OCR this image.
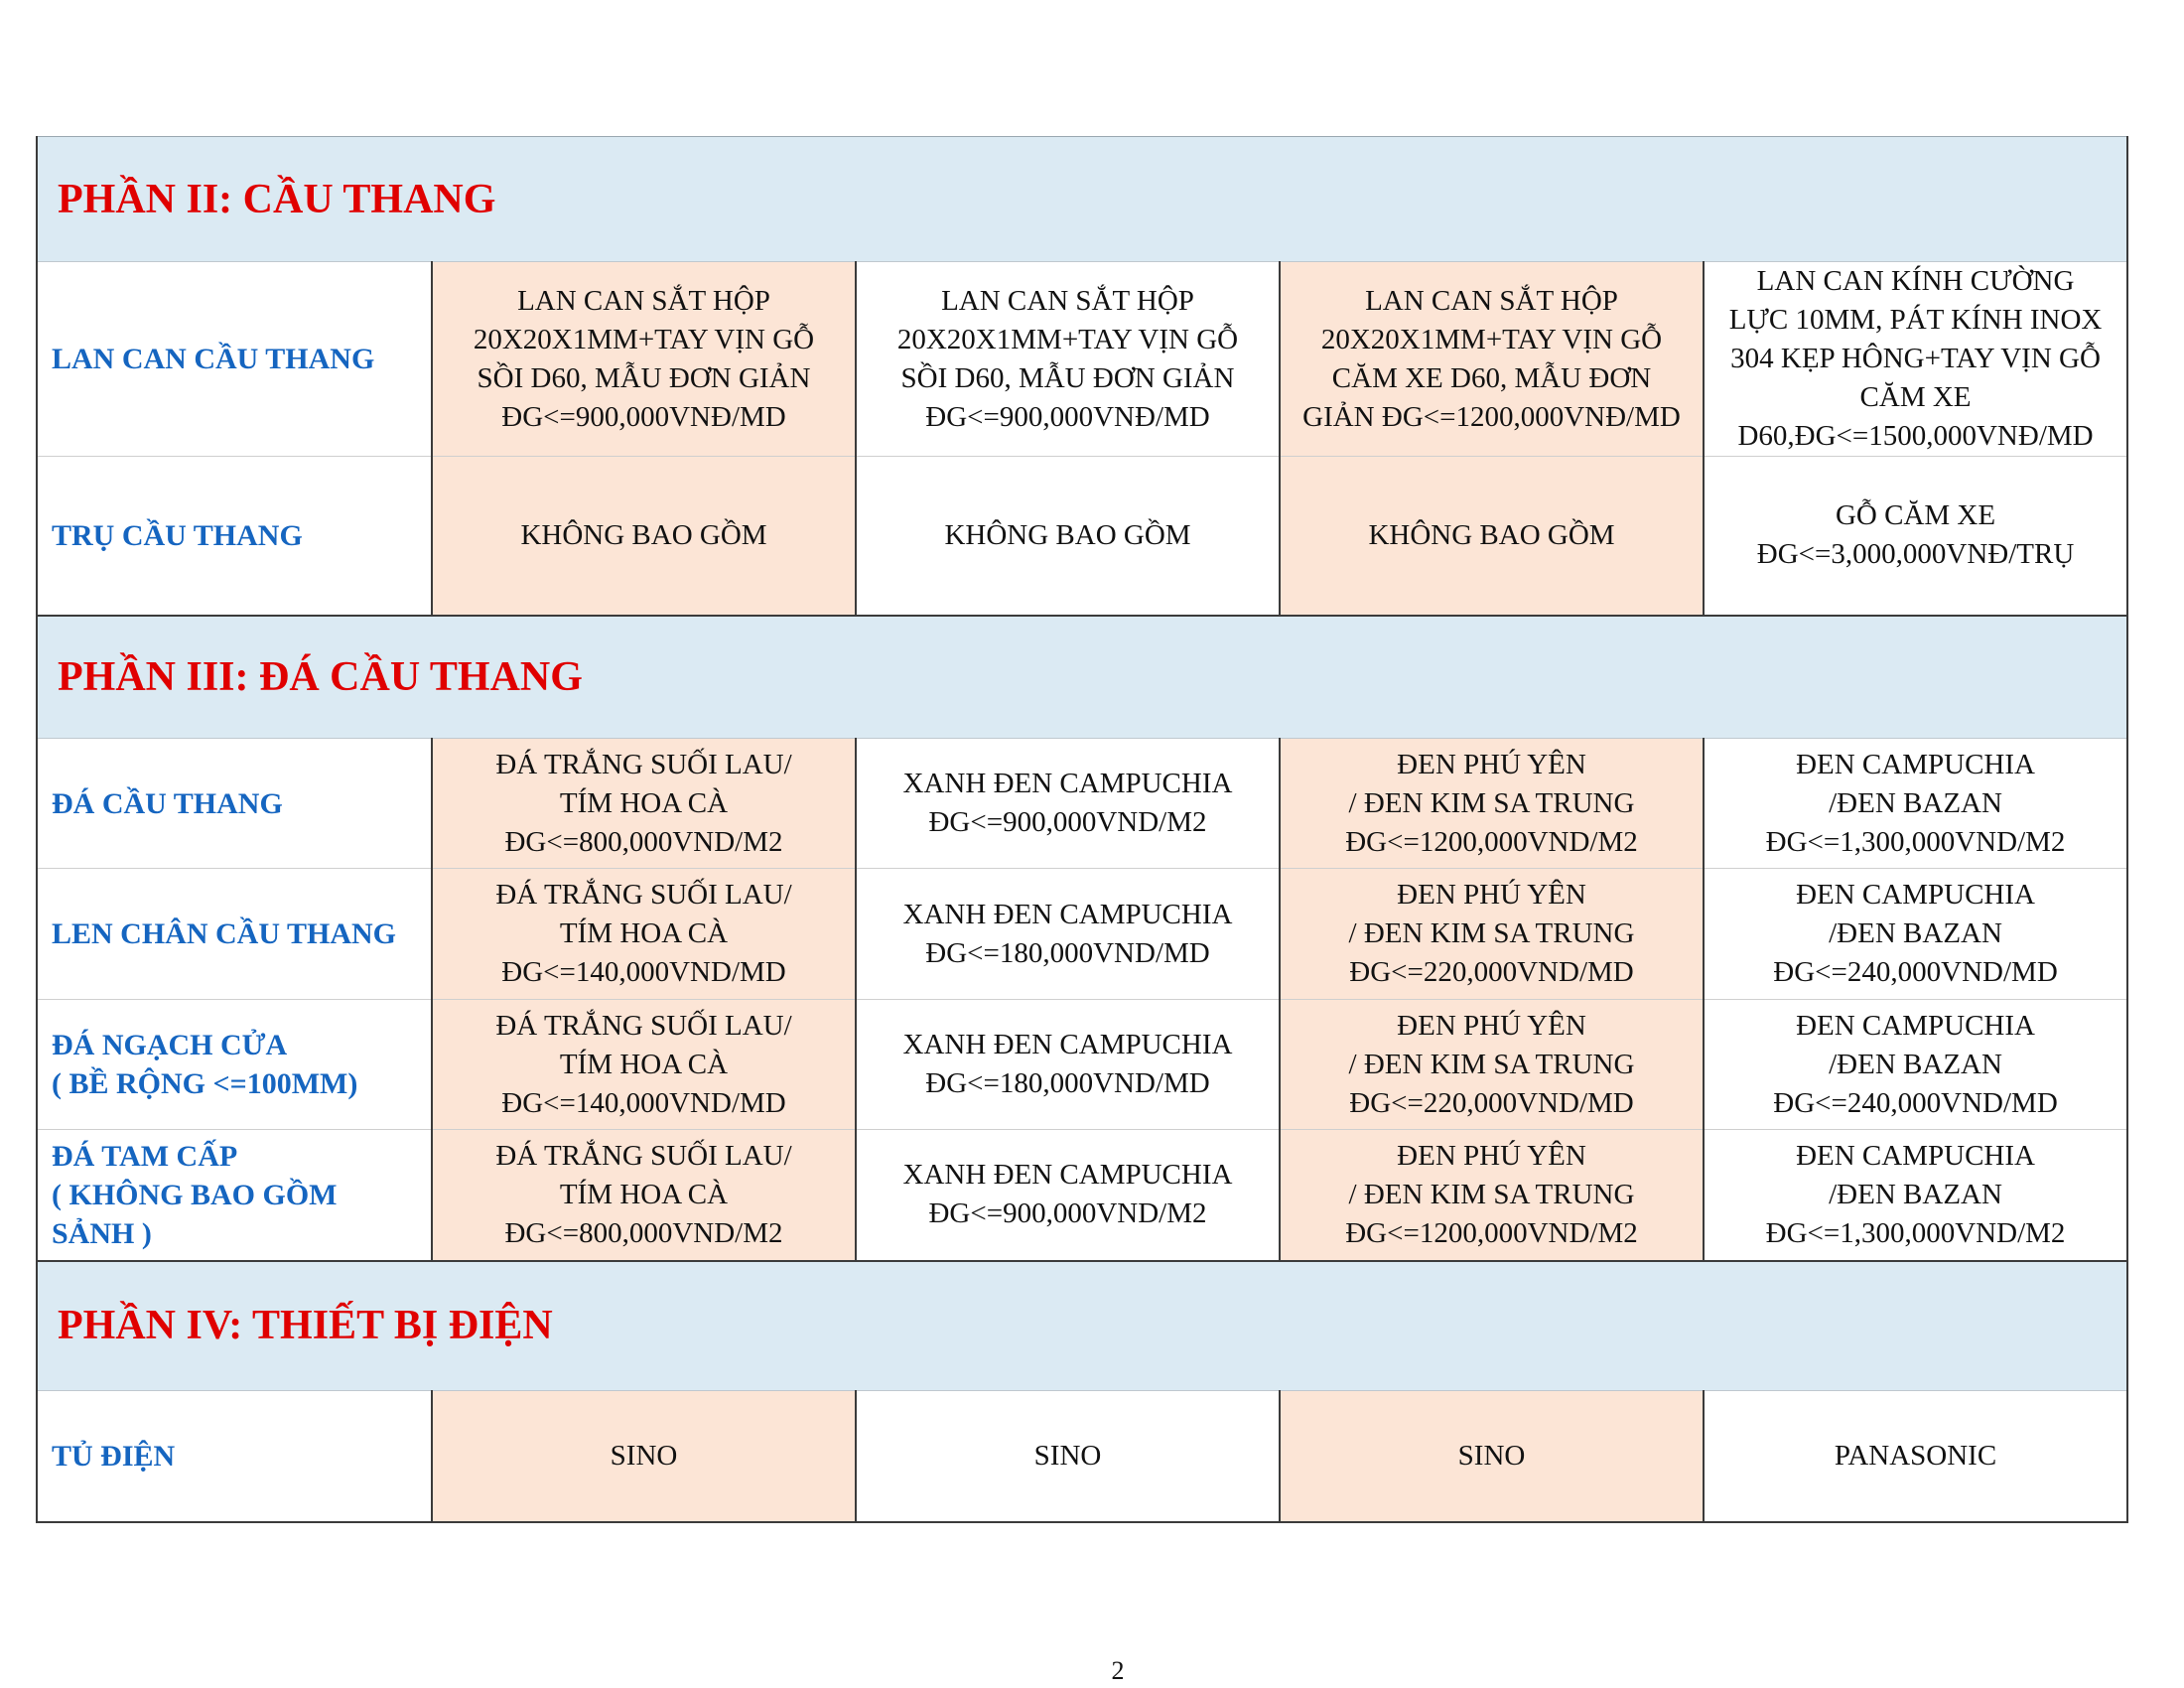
PHẦN II: CẦU THANG				

LAN CAN CẦU THANG	LAN CAN SẮT HỘP
20X20X1MM+TAY VỊN GỖ
SỒI D60, MẪU ĐƠN GIẢN
ĐG<=900,000VNĐ/MD	LAN CAN SẮT HỘP
20X20X1MM+TAY VỊN GỖ
SỒI D60, MẪU ĐƠN GIẢN
ĐG<=900,000VNĐ/MD	LAN CAN SẮT HỘP
20X20X1MM+TAY VỊN GỖ
CĂM XE D60, MẪU ĐƠN
GIẢN ĐG<=1200,000VNĐ/MD	LAN CAN KÍNH CƯỜNG
LỰC 10MM, PÁT KÍNH INOX
304 KẸP HÔNG+TAY VỊN GỖ
CĂM XE
D60,ĐG<=1500,000VNĐ/MD

TRỤ CẦU THANG	KHÔNG BAO GỒM	KHÔNG BAO GỒM	KHÔNG BAO GỒM	GỖ CĂM XE
ĐG<=3,000,000VNĐ/TRỤ

PHẦN III: ĐÁ CẦU THANG				

ĐÁ CẦU THANG	ĐÁ TRẮNG SUỐI LAU/
TÍM HOA CÀ
ĐG<=800,000VND/M2	XANH ĐEN CAMPUCHIA
ĐG<=900,000VND/M2	ĐEN PHÚ YÊN
/ ĐEN KIM SA TRUNG
ĐG<=1200,000VND/M2	ĐEN CAMPUCHIA
/ĐEN BAZAN
ĐG<=1,300,000VND/M2

LEN CHÂN CẦU THANG	ĐÁ TRẮNG SUỐI LAU/
TÍM HOA CÀ
ĐG<=140,000VND/MD	XANH ĐEN CAMPUCHIA
ĐG<=180,000VND/MD	ĐEN PHÚ YÊN
/ ĐEN KIM SA TRUNG
ĐG<=220,000VND/MD	ĐEN CAMPUCHIA
/ĐEN BAZAN
ĐG<=240,000VND/MD

ĐÁ NGẠCH CỬA
( BỀ RỘNG <=100MM)	ĐÁ TRẮNG SUỐI LAU/
TÍM HOA CÀ
ĐG<=140,000VND/MD	XANH ĐEN CAMPUCHIA
ĐG<=180,000VND/MD	ĐEN PHÚ YÊN
/ ĐEN KIM SA TRUNG
ĐG<=220,000VND/MD	ĐEN CAMPUCHIA
/ĐEN BAZAN
ĐG<=240,000VND/MD

ĐÁ TAM CẤP
( KHÔNG BAO GỒM
SẢNH )	ĐÁ TRẮNG SUỐI LAU/
TÍM HOA CÀ
ĐG<=800,000VND/M2	XANH ĐEN CAMPUCHIA
ĐG<=900,000VND/M2	ĐEN PHÚ YÊN
/ ĐEN KIM SA TRUNG
ĐG<=1200,000VND/M2	ĐEN CAMPUCHIA
/ĐEN BAZAN
ĐG<=1,300,000VND/M2

PHẦN IV: THIẾT BỊ ĐIỆN				

TỦ ĐIỆN	SINO	SINO	SINO	PANASONIC
2
